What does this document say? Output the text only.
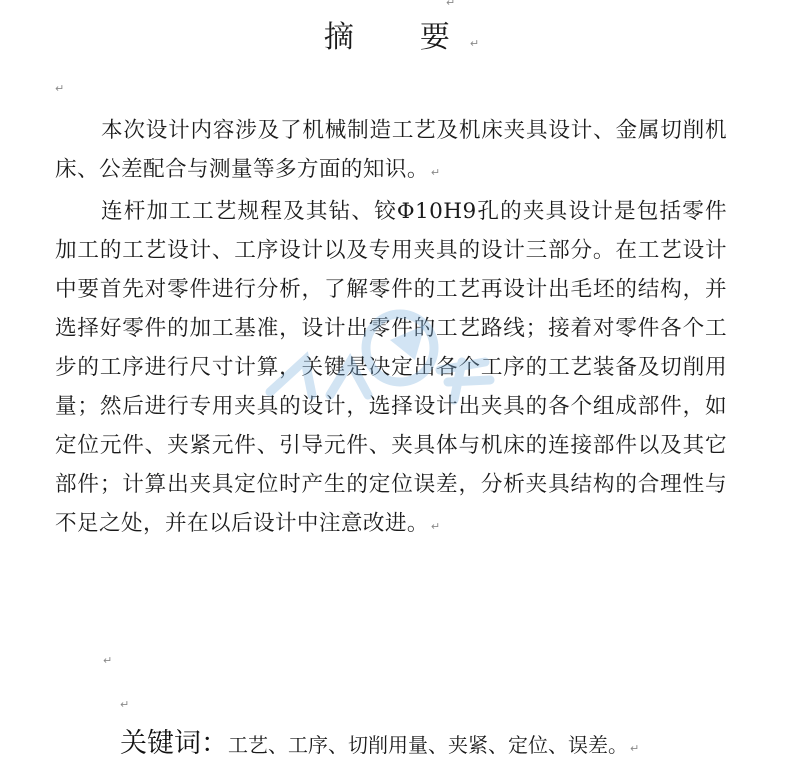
↵
摘　要 ↵
↵

本次设计内容涉及了机械制造工艺及机床夹具设计、金属切削机床、公差配合与测量等多方面的知识。 ↵

连杆加工工艺规程及其钻、铰Φ10H9孔的夹具设计是包括零件加工的工艺设计、工序设计以及专用夹具的设计三部分。在工艺设计中要首先对零件进行分析，了解零件的工艺再设计出毛坯的结构，并选择好零件的加工基准，设计出零件的工艺路线；接着对零件各个工步的工序进行尺寸计算，关键是决定出各个工序的工艺装备及切削用量；然后进行专用夹具的设计，选择设计出夹具的各个组成部件，如定位元件、夹紧元件、引导元件、夹具体与机床的连接部件以及其它部件；计算出夹具定位时产生的定位误差，分析夹具结构的合理性与不足之处，并在以后设计中注意改进。 ↵

↵
↵
关键词：工艺、工序、切削用量、夹紧、定位、误差。 ↵
